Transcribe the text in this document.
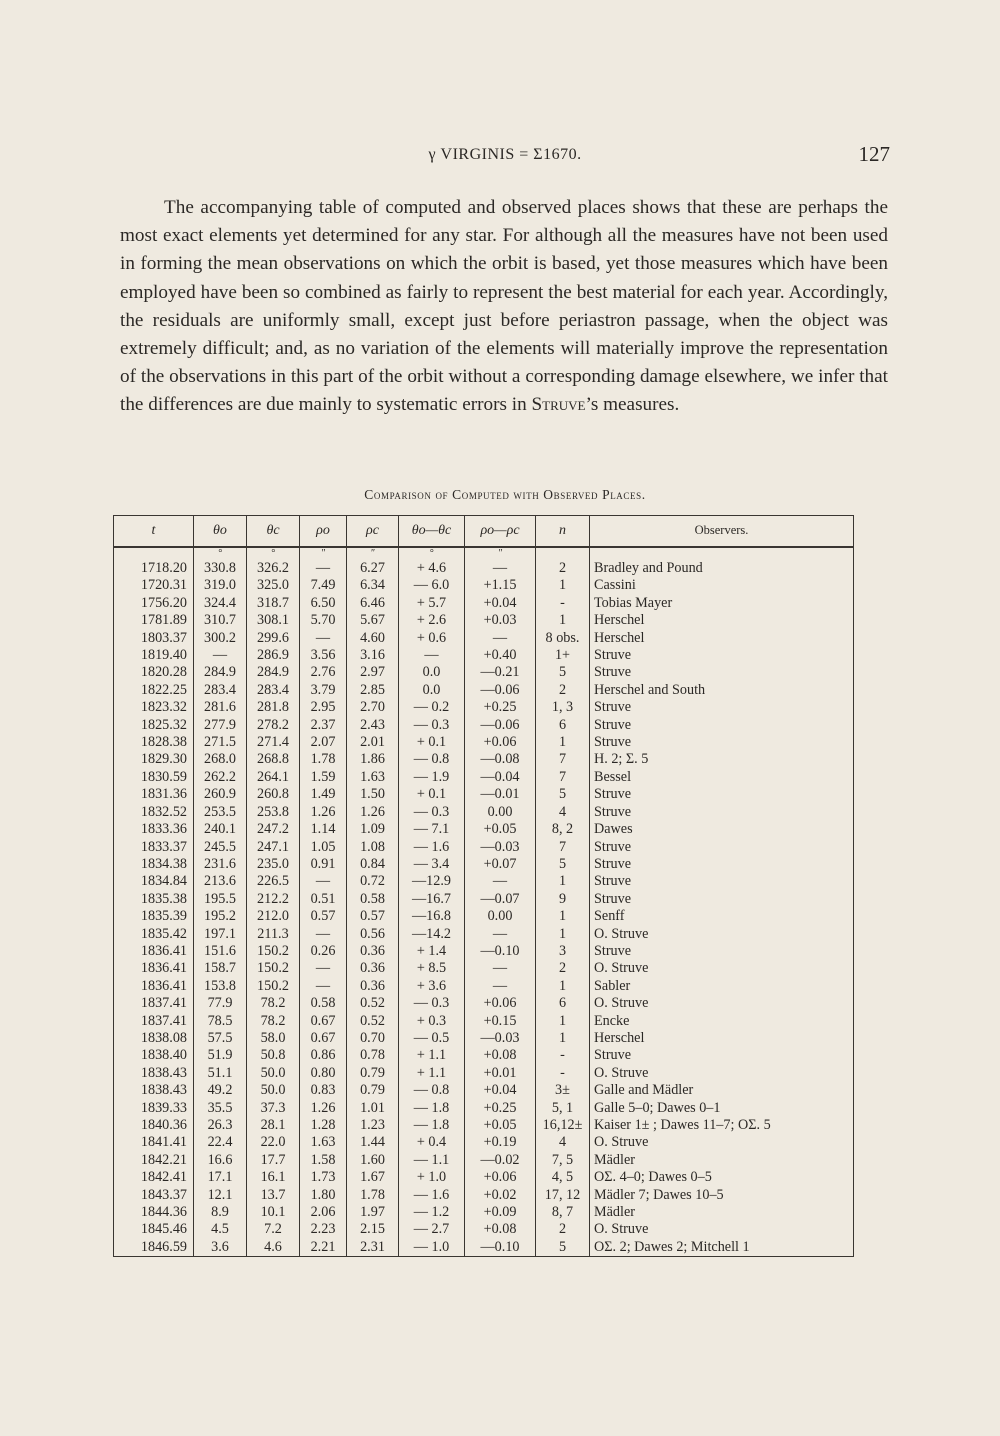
γ VIRGINIS = Σ1670.	127

The accompanying table of computed and observed places shows that these are perhaps the most exact elements yet determined for any star. For although all the measures have not been used in forming the mean observations on which the orbit is based, yet those measures which have been employed have been so combined as fairly to represent the best material for each year. Accordingly, the residuals are uniformly small, except just before periastron passage, when the object was extremely difficult; and, as no variation of the elements will materially improve the representation of the observations in this part of the orbit without a corresponding damage elsewhere, we infer that the differences are due mainly to systematic errors in Struve’s measures.

Comparison of Computed with Observed Places.
t	θo	θc	ρo	ρc	θo—θc	ρo—ρc	n	Observers.
	°	°	″	″	°	″		
1718.20	330.8	326.2	—	6.27	+ 4.6	—	2	Bradley and Pound
1720.31	319.0	325.0	7.49	6.34	— 6.0	+1.15	1	Cassini
1756.20	324.4	318.7	6.50	6.46	+ 5.7	+0.04	-	Tobias Mayer
1781.89	310.7	308.1	5.70	5.67	+ 2.6	+0.03	1	Herschel
1803.37	300.2	299.6	—	4.60	+ 0.6	—	8 obs.	Herschel
1819.40	—	286.9	3.56	3.16	—	+0.40	1+	Struve
1820.28	284.9	284.9	2.76	2.97	0.0	—0.21	5	Struve
1822.25	283.4	283.4	3.79	2.85	0.0	—0.06	2	Herschel and South
1823.32	281.6	281.8	2.95	2.70	— 0.2	+0.25	1, 3	Struve
1825.32	277.9	278.2	2.37	2.43	— 0.3	—0.06	6	Struve
1828.38	271.5	271.4	2.07	2.01	+ 0.1	+0.06	1	Struve
1829.30	268.0	268.8	1.78	1.86	— 0.8	—0.08	7	H. 2; Σ. 5
1830.59	262.2	264.1	1.59	1.63	— 1.9	—0.04	7	Bessel
1831.36	260.9	260.8	1.49	1.50	+ 0.1	—0.01	5	Struve
1832.52	253.5	253.8	1.26	1.26	— 0.3	0.00	4	Struve
1833.36	240.1	247.2	1.14	1.09	— 7.1	+0.05	8, 2	Dawes
1833.37	245.5	247.1	1.05	1.08	— 1.6	—0.03	7	Struve
1834.38	231.6	235.0	0.91	0.84	— 3.4	+0.07	5	Struve
1834.84	213.6	226.5	—	0.72	—12.9	—	1	Struve
1835.38	195.5	212.2	0.51	0.58	—16.7	—0.07	9	Struve
1835.39	195.2	212.0	0.57	0.57	—16.8	0.00	1	Senff
1835.42	197.1	211.3	—	0.56	—14.2	—	1	O. Struve
1836.41	151.6	150.2	0.26	0.36	+ 1.4	—0.10	3	Struve
1836.41	158.7	150.2	—	0.36	+ 8.5	—	2	O. Struve
1836.41	153.8	150.2	—	0.36	+ 3.6	—	1	Sabler
1837.41	77.9	78.2	0.58	0.52	— 0.3	+0.06	6	O. Struve
1837.41	78.5	78.2	0.67	0.52	+ 0.3	+0.15	1	Encke
1838.08	57.5	58.0	0.67	0.70	— 0.5	—0.03	1	Herschel
1838.40	51.9	50.8	0.86	0.78	+ 1.1	+0.08	-	Struve
1838.43	51.1	50.0	0.80	0.79	+ 1.1	+0.01	-	O. Struve
1838.43	49.2	50.0	0.83	0.79	— 0.8	+0.04	3±	Galle and Mädler
1839.33	35.5	37.3	1.26	1.01	— 1.8	+0.25	5, 1	Galle 5–0; Dawes 0–1
1840.36	26.3	28.1	1.28	1.23	— 1.8	+0.05	16,12±	Kaiser 1± ; Dawes 11–7; OΣ. 5
1841.41	22.4	22.0	1.63	1.44	+ 0.4	+0.19	4	O. Struve
1842.21	16.6	17.7	1.58	1.60	— 1.1	—0.02	7, 5	Mädler
1842.41	17.1	16.1	1.73	1.67	+ 1.0	+0.06	4, 5	OΣ. 4–0; Dawes 0–5
1843.37	12.1	13.7	1.80	1.78	— 1.6	+0.02	17, 12	Mädler 7; Dawes 10–5
1844.36	8.9	10.1	2.06	1.97	— 1.2	+0.09	8, 7	Mädler
1845.46	4.5	7.2	2.23	2.15	— 2.7	+0.08	2	O. Struve
1846.59	3.6	4.6	2.21	2.31	— 1.0	—0.10	5	OΣ. 2; Dawes 2; Mitchell 1
